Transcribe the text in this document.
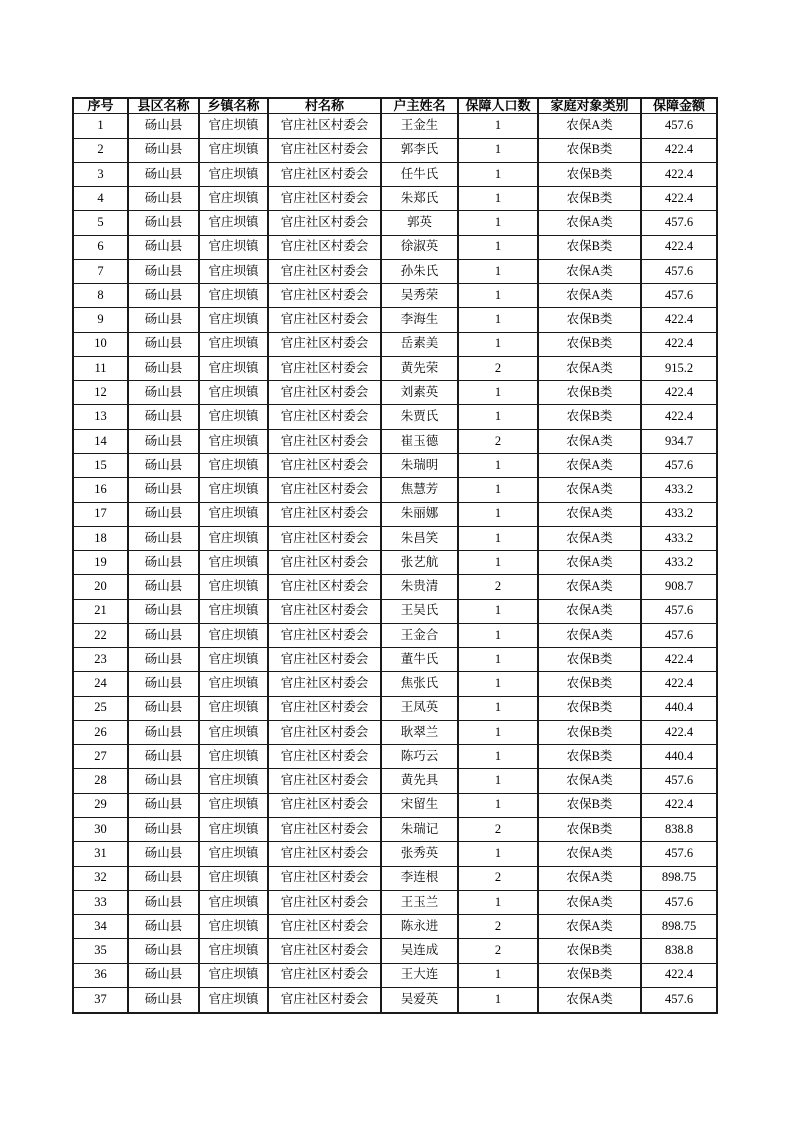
序号	县区名称	乡镇名称	村名称	户主姓名	保障人口数	家庭对象类别	保障金额
1	砀山县	官庄坝镇	官庄社区村委会	王金生	1	农保A类	457.6
2	砀山县	官庄坝镇	官庄社区村委会	郭李氏	1	农保B类	422.4
3	砀山县	官庄坝镇	官庄社区村委会	任牛氏	1	农保B类	422.4
4	砀山县	官庄坝镇	官庄社区村委会	朱郑氏	1	农保B类	422.4
5	砀山县	官庄坝镇	官庄社区村委会	郭英	1	农保A类	457.6
6	砀山县	官庄坝镇	官庄社区村委会	徐淑英	1	农保B类	422.4
7	砀山县	官庄坝镇	官庄社区村委会	孙朱氏	1	农保A类	457.6
8	砀山县	官庄坝镇	官庄社区村委会	吴秀荣	1	农保A类	457.6
9	砀山县	官庄坝镇	官庄社区村委会	李海生	1	农保B类	422.4
10	砀山县	官庄坝镇	官庄社区村委会	岳素美	1	农保B类	422.4
11	砀山县	官庄坝镇	官庄社区村委会	黄先荣	2	农保A类	915.2
12	砀山县	官庄坝镇	官庄社区村委会	刘素英	1	农保B类	422.4
13	砀山县	官庄坝镇	官庄社区村委会	朱贾氏	1	农保B类	422.4
14	砀山县	官庄坝镇	官庄社区村委会	崔玉德	2	农保A类	934.7
15	砀山县	官庄坝镇	官庄社区村委会	朱瑞明	1	农保A类	457.6
16	砀山县	官庄坝镇	官庄社区村委会	焦慧芳	1	农保A类	433.2
17	砀山县	官庄坝镇	官庄社区村委会	朱丽娜	1	农保A类	433.2
18	砀山县	官庄坝镇	官庄社区村委会	朱昌笑	1	农保A类	433.2
19	砀山县	官庄坝镇	官庄社区村委会	张艺航	1	农保A类	433.2
20	砀山县	官庄坝镇	官庄社区村委会	朱贵清	2	农保A类	908.7
21	砀山县	官庄坝镇	官庄社区村委会	王吴氏	1	农保A类	457.6
22	砀山县	官庄坝镇	官庄社区村委会	王金合	1	农保A类	457.6
23	砀山县	官庄坝镇	官庄社区村委会	董牛氏	1	农保B类	422.4
24	砀山县	官庄坝镇	官庄社区村委会	焦张氏	1	农保B类	422.4
25	砀山县	官庄坝镇	官庄社区村委会	王凤英	1	农保B类	440.4
26	砀山县	官庄坝镇	官庄社区村委会	耿翠兰	1	农保B类	422.4
27	砀山县	官庄坝镇	官庄社区村委会	陈巧云	1	农保B类	440.4
28	砀山县	官庄坝镇	官庄社区村委会	黄先具	1	农保A类	457.6
29	砀山县	官庄坝镇	官庄社区村委会	宋留生	1	农保B类	422.4
30	砀山县	官庄坝镇	官庄社区村委会	朱瑞记	2	农保B类	838.8
31	砀山县	官庄坝镇	官庄社区村委会	张秀英	1	农保A类	457.6
32	砀山县	官庄坝镇	官庄社区村委会	李连根	2	农保A类	898.75
33	砀山县	官庄坝镇	官庄社区村委会	王玉兰	1	农保A类	457.6
34	砀山县	官庄坝镇	官庄社区村委会	陈永进	2	农保A类	898.75
35	砀山县	官庄坝镇	官庄社区村委会	吴连成	2	农保B类	838.8
36	砀山县	官庄坝镇	官庄社区村委会	王大连	1	农保B类	422.4
37	砀山县	官庄坝镇	官庄社区村委会	吴爱英	1	农保A类	457.6
